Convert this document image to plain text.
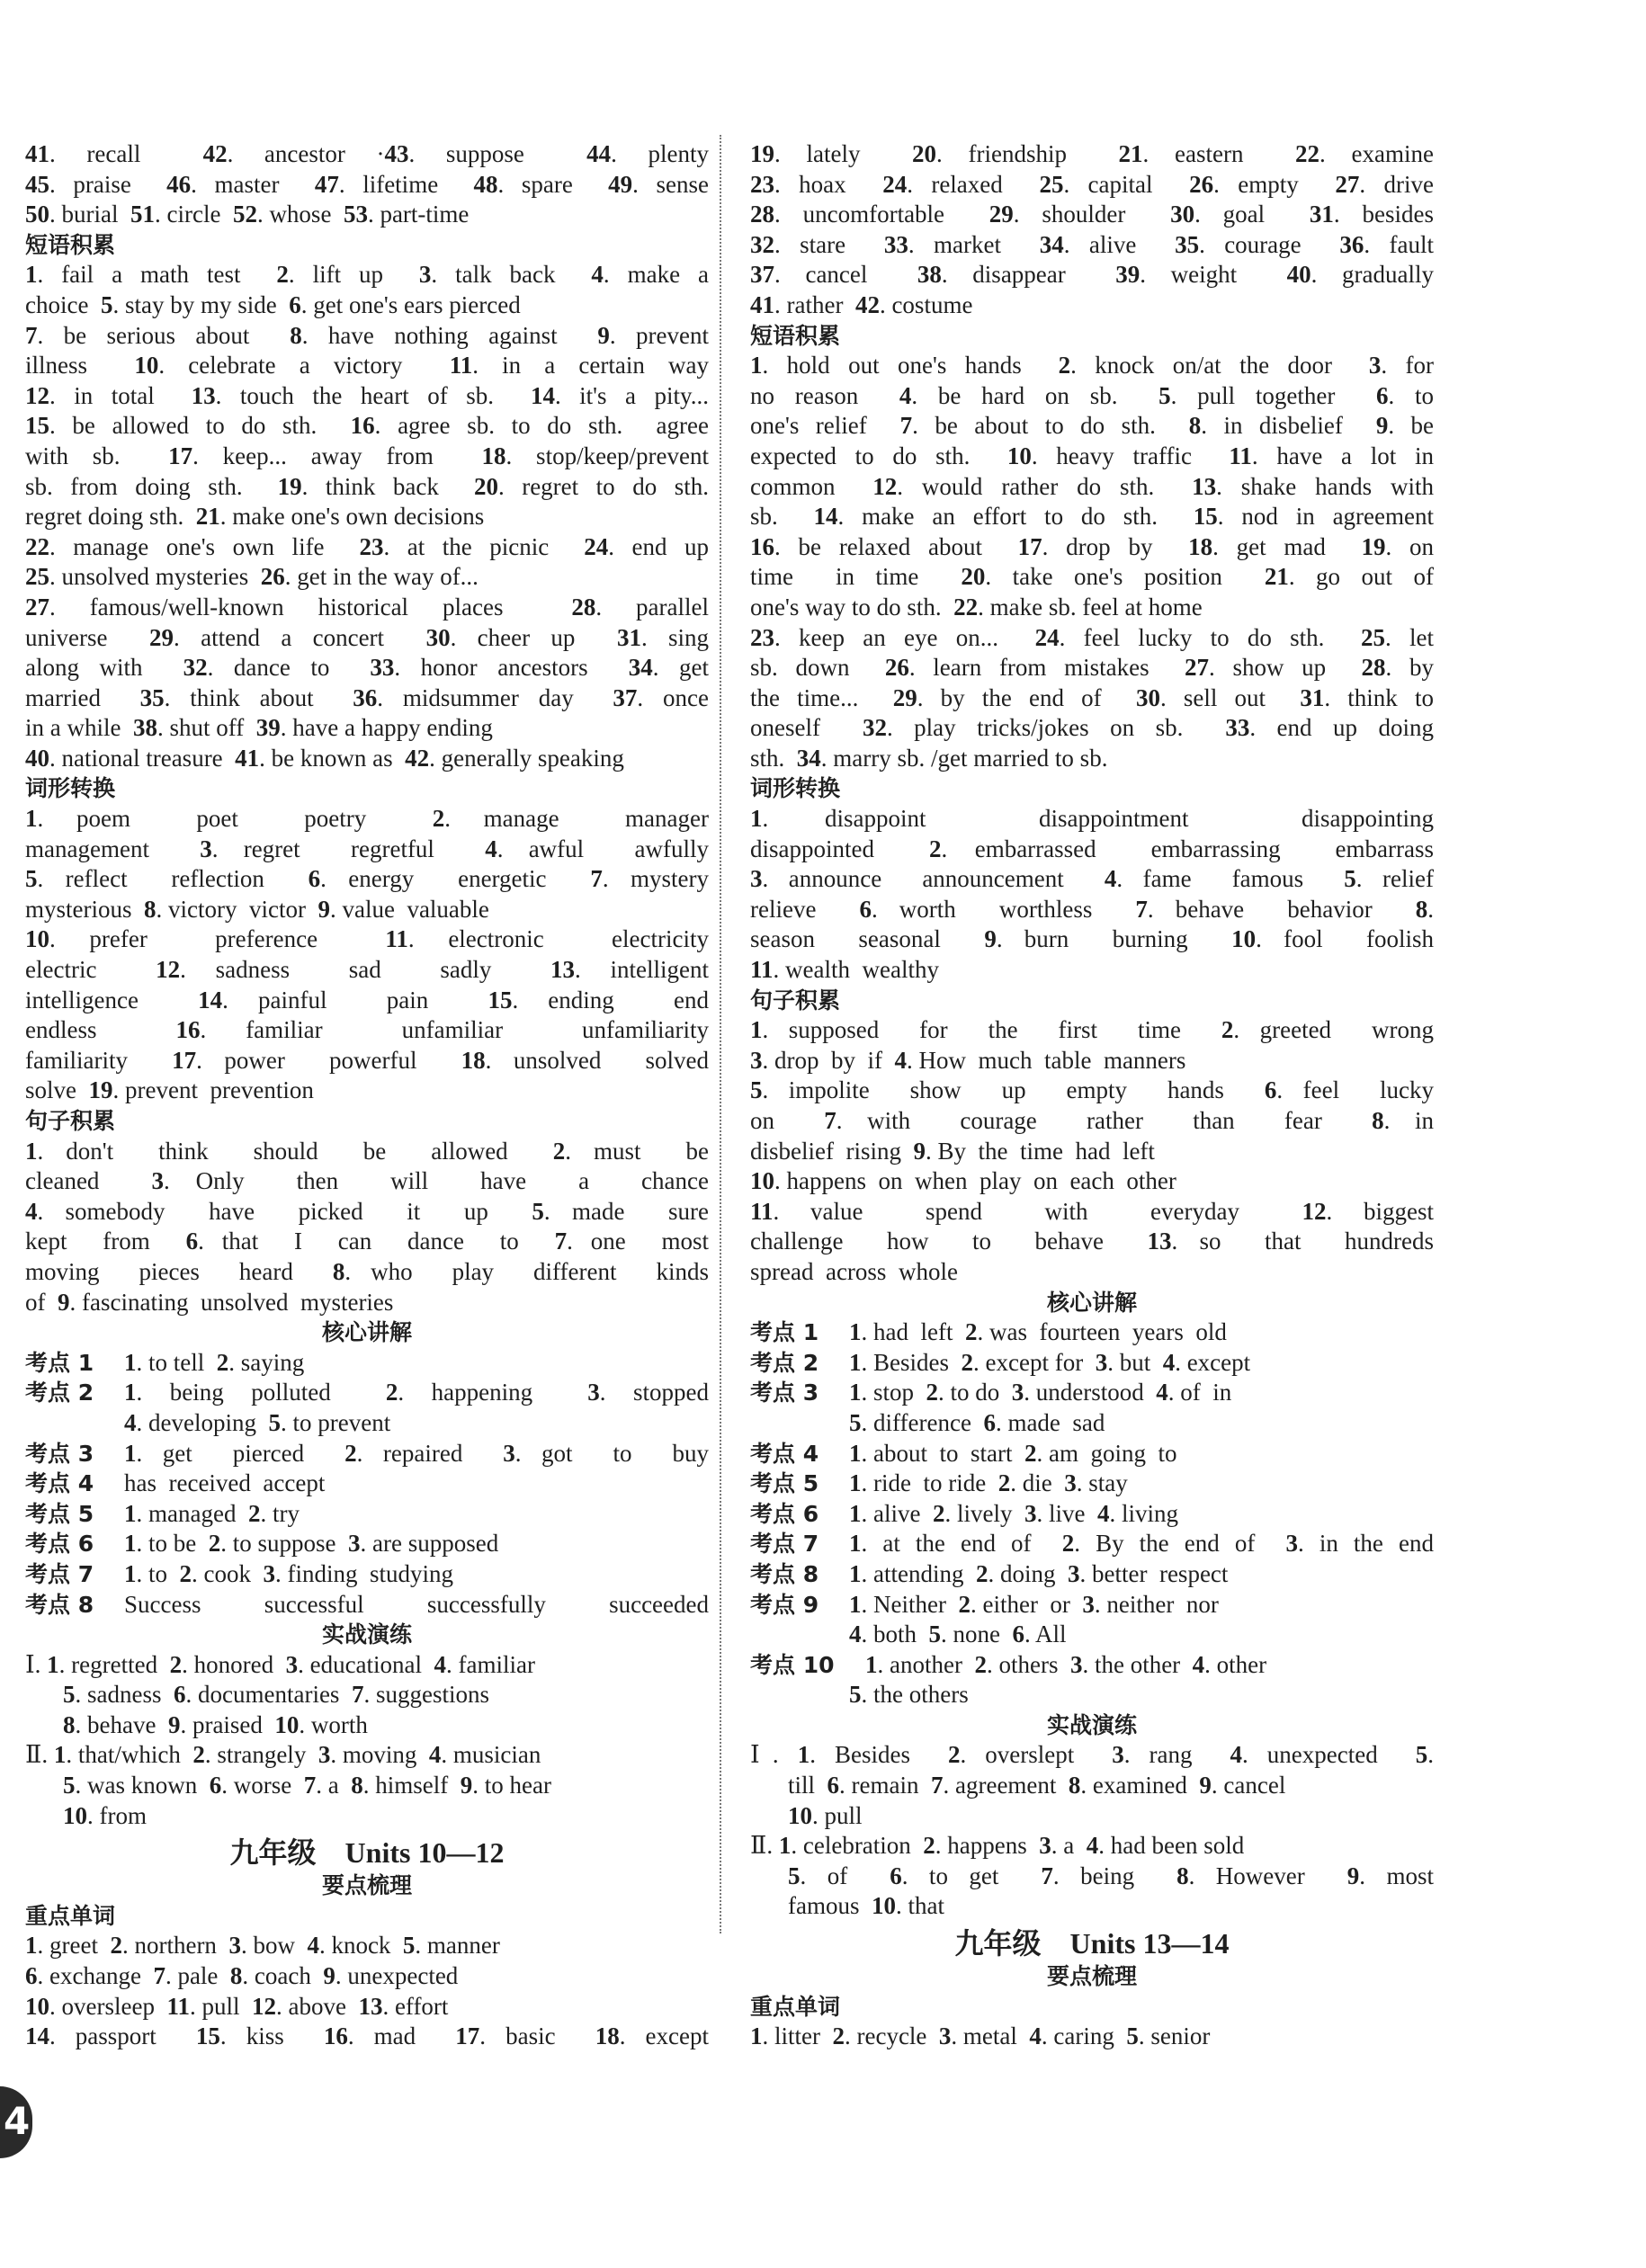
41. recall  42. ancestor ·43. suppose  44. plenty
45. praise  46. master  47. lifetime  48. spare  49. sense
50. burial  51. circle  52. whose  53. part-time
短语积累
1. fail a math test  2. lift up  3. talk back  4. make a
choice  5. stay by my side  6. get one's ears pierced
7. be serious about  8. have nothing against  9. prevent
illness  10. celebrate a victory  11. in a certain way
12. in total  13. touch the heart of sb.  14. it's a pity...
15. be allowed to do sth.  16. agree sb. to do sth.  agree
with sb.  17. keep... away from  18. stop/keep/prevent
sb. from doing sth.  19. think back  20. regret to do sth.
regret doing sth.  21. make one's own decisions
22. manage one's own life  23. at the picnic  24. end up
25. unsolved mysteries  26. get in the way of...
27. famous/well-known historical places  28. parallel
universe  29. attend a concert  30. cheer up  31. sing
along with  32. dance to  33. honor ancestors  34. get
married  35. think about  36. midsummer day  37. once
in a while  38. shut off  39. have a happy ending
40. national treasure  41. be known as  42. generally speaking
词形转换
1. poem  poet  poetry  2. manage  manager
management  3. regret  regretful  4. awful  awfully
5. reflect  reflection  6. energy  energetic  7. mystery
mysterious  8. victory  victor  9. value  valuable
10. prefer  preference  11. electronic  electricity
electric  12. sadness  sad  sadly  13. intelligent
intelligence  14. painful  pain  15. ending  end
endless  16. familiar  unfamiliar  unfamiliarity
familiarity  17. power  powerful  18. unsolved  solved
solve  19. prevent  prevention
句子积累
1. don't  think  should  be  allowed  2. must  be
cleaned  3. Only  then  will  have  a  chance
4. somebody  have  picked  it  up  5. made  sure
kept  from  6. that  I  can  dance  to  7. one  most
moving  pieces  heard  8. who  play  different  kinds
of  9. fascinating  unsolved  mysteries
核心讲解
考点 1	1. to tell  2. saying
考点 2	1. being polluted  2. happening  3. stopped
4. developing  5. to prevent
考点 3	1. get  pierced  2. repaired  3. got  to  buy
考点 4	has  received  accept
考点 5	1. managed  2. try
考点 6	1. to be  2. to suppose  3. are supposed
考点 7	1. to  2. cook  3. finding  studying
考点 8	Success  successful  successfully  succeeded
实战演练
Ⅰ. 1. regretted  2. honored  3. educational  4. familiar
5. sadness  6. documentaries  7. suggestions
8. behave  9. praised  10. worth
Ⅱ. 1. that/which  2. strangely  3. moving  4. musician
5. was known  6. worse  7. a  8. himself  9. to hear
10. from
九年级　Units 10—12
要点梳理
重点单词
1. greet  2. northern  3. bow  4. knock  5. manner
6. exchange  7. pale  8. coach  9. unexpected
10. oversleep  11. pull  12. above  13. effort
14. passport  15. kiss  16. mad  17. basic  18. except
19. lately  20. friendship  21. eastern  22. examine
23. hoax  24. relaxed  25. capital  26. empty  27. drive
28. uncomfortable  29. shoulder  30. goal  31. besides
32. stare  33. market  34. alive  35. courage  36. fault
37. cancel  38. disappear  39. weight  40. gradually
41. rather  42. costume
短语积累
1. hold out one's hands  2. knock on/at the door  3. for
no reason  4. be hard on sb.  5. pull together  6. to
one's relief  7. be about to do sth.  8. in disbelief  9. be
expected to do sth.  10. heavy traffic  11. have a lot in
common  12. would rather do sth.  13. shake hands with
sb.  14. make an effort to do sth.  15. nod in agreement
16. be relaxed about  17. drop by  18. get mad  19. on
time  in time  20. take one's position  21. go out of
one's way to do sth.  22. make sb. feel at home
23. keep an eye on...  24. feel lucky to do sth.  25. let
sb. down  26. learn from mistakes  27. show up  28. by
the time...  29. by the end of  30. sell out  31. think to
oneself  32. play tricks/jokes on sb.  33. end up doing
sth.  34. marry sb. /get married to sb.
词形转换
1. disappoint  disappointment  disappointing
disappointed  2. embarrassed  embarrassing  embarrass
3. announce  announcement  4. fame  famous  5. relief
relieve  6. worth  worthless  7. behave  behavior  8.
season  seasonal  9. burn  burning  10. fool  foolish
11. wealth  wealthy
句子积累
1. supposed  for  the  first  time  2. greeted  wrong
3. drop  by  if  4. How  much  table  manners
5. impolite  show  up  empty  hands  6. feel  lucky
on  7. with  courage  rather  than  fear  8. in
disbelief  rising  9. By  the  time  had  left
10. happens  on  when  play  on  each  other
11. value  spend  with  everyday  12. biggest
challenge  how  to  behave  13. so  that  hundreds
spread  across  whole
核心讲解
考点 1	1. had  left  2. was  fourteen  years  old
考点 2	1. Besides  2. except for  3. but  4. except
考点 3	1. stop  2. to do  3. understood  4. of  in
5. difference  6. made  sad
考点 4	1. about  to  start  2. am  going  to
考点 5	1. ride  to ride  2. die  3. stay
考点 6	1. alive  2. lively  3. live  4. living
考点 7	1. at the end of  2. By the end of  3. in the end
考点 8	1. attending  2. doing  3. better  respect
考点 9	1. Neither  2. either  or  3. neither  nor
4. both  5. none  6. All
考点 10	1. another  2. others  3. the other  4. other
5. the others
实战演练
Ⅰ. 1. Besides  2. overslept  3. rang  4. unexpected  5.
till  6. remain  7. agreement  8. examined  9. cancel
10. pull
Ⅱ. 1. celebration  2. happens  3. a  4. had been sold
5. of  6. to get  7. being  8. However  9. most
famous  10. that
九年级　Units 13—14
要点梳理
重点单词
1. litter  2. recycle  3. metal  4. caring  5. senior
4
